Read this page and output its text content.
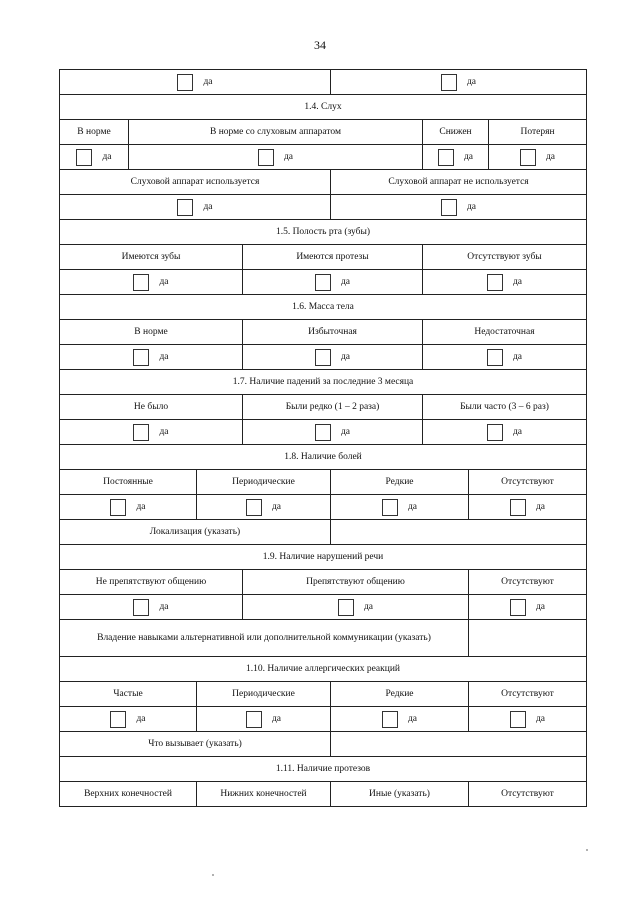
34
да				да			
1.4. Слух							
В норме	В норме со слуховым аппаратом				Снижен		Потерян
да	да				да		да
Слуховой аппарат используется				Слуховой аппарат не используется			
да				да			
1.5. Полость рта (зубы)							
Имеются зубы			Имеются протезы		Отсутствуют зубы		
да			да		да		
1.6. Масса тела							
В норме			Избыточная		Недостаточная		
да			да		да		
1.7. Наличие падений за последние 3 месяца							
Не было			Были редко (1 – 2 раза)		Были часто (3 – 6 раз)		
да			да		да		
1.8. Наличие болей							
Постоянные		Периодические		Редкие		Отсутствуют	
да		да		да		да	
Локализация (указать)							
1.9. Наличие нарушений речи							
Не препятствуют общению			Препятствуют общению			Отсутствуют	
да			да			да	
Владение навыками альтернативной или дополнительной коммуникации (указать)							
1.10. Наличие аллергических реакций							
Частые		Периодические		Редкие		Отсутствуют	
да		да		да		да	
Что вызывает (указать)							
1.11. Наличие протезов							
Верхних конечностей		Нижних конечностей		Иные (указать)		Отсутствуют	
